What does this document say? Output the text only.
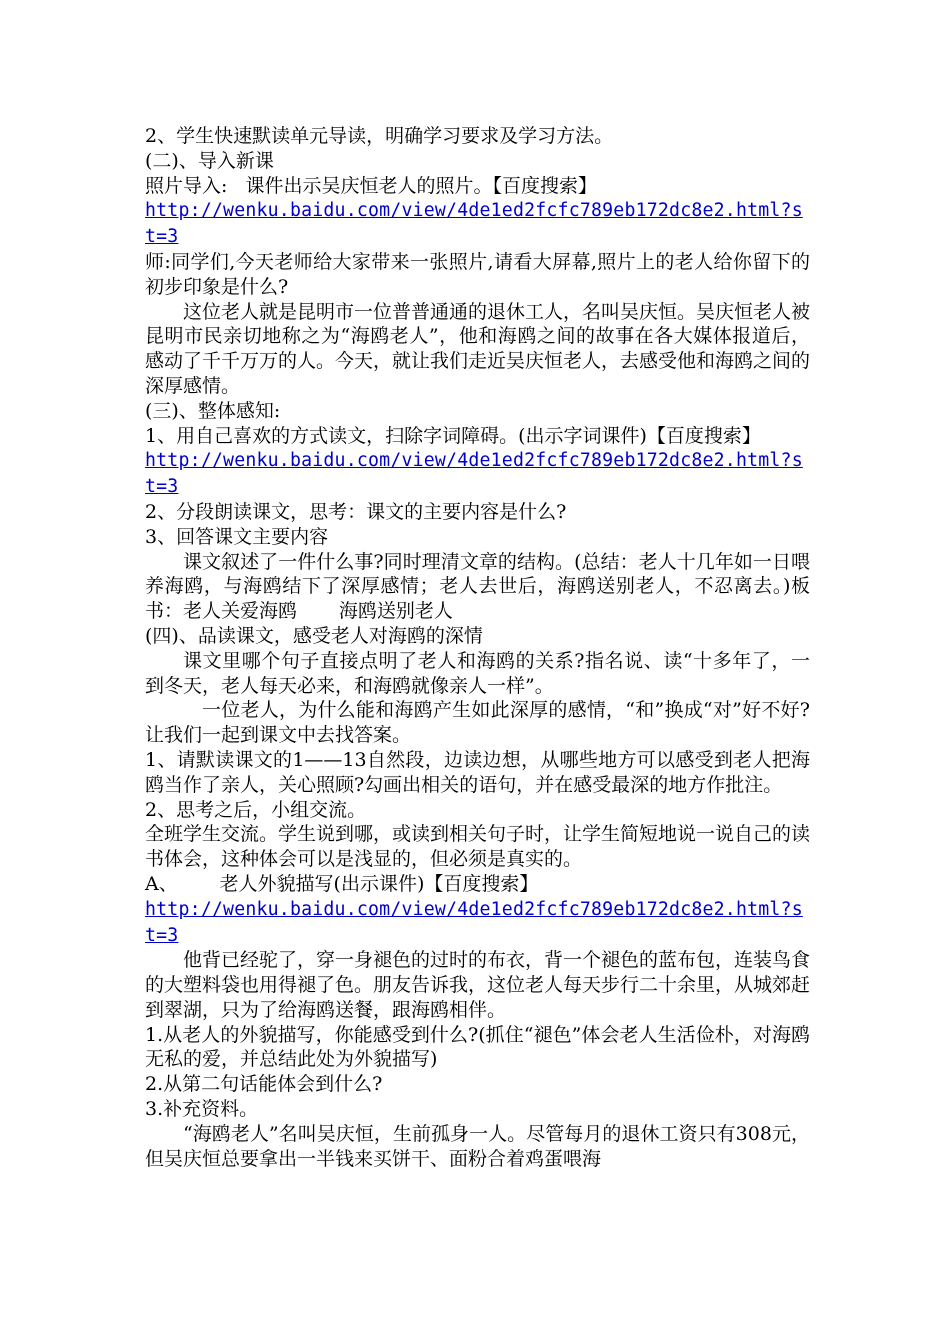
2、学生快速默读单元导读，明确学习要求及学习方法。

(二)、导入新课

照片导入:   课件出示吴庆恒老人的照片。【百度搜索】

http://wenku.baidu.com/view/4de1ed2fcfc789eb172dc8e2.html?st=3

师:同学们,今天老师给大家带来一张照片,请看大屏幕,照片上的老人给你留下的初步印象是什么?

这位老人就是昆明市一位普普通通的退休工人，名叫吴庆恒。吴庆恒老人被昆明市民亲切地称之为“海鸥老人”，他和海鸥之间的故事在各大媒体报道后，感动了千千万万的人。今天，就让我们走近吴庆恒老人，去感受他和海鸥之间的深厚感情。

(三)、整体感知:

1、用自己喜欢的方式读文，扫除字词障碍。(出示字词课件)【百度搜索】

http://wenku.baidu.com/view/4de1ed2fcfc789eb172dc8e2.html?st=3

2、分段朗读课文，思考：课文的主要内容是什么?

3、回答课文主要内容

课文叙述了一件什么事?同时理清文章的结构。(总结：老人十几年如一日喂养海鸥，与海鸥结下了深厚感情；老人去世后，海鸥送别老人，不忍离去。)板书：老人关爱海鸥 海鸥送别老人

(四)、品读课文，感受老人对海鸥的深情

课文里哪个句子直接点明了老人和海鸥的关系?指名说、读“十多年了，一到冬天，老人每天必来，和海鸥就像亲人一样”。

一位老人，为什么能和海鸥产生如此深厚的感情，“和”换成“对”好不好?让我们一起到课文中去找答案。

1、请默读课文的1——13自然段，边读边想，从哪些地方可以感受到老人把海鸥当作了亲人，关心照顾?勾画出相关的语句，并在感受最深的地方作批注。

2、思考之后，小组交流。

全班学生交流。学生说到哪，或读到相关句子时，让学生简短地说一说自己的读书体会，这种体会可以是浅显的，但必须是真实的。

A、 老人外貌描写(出示课件)【百度搜索】

http://wenku.baidu.com/view/4de1ed2fcfc789eb172dc8e2.html?st=3

他背已经驼了，穿一身褪色的过时的布衣，背一个褪色的蓝布包，连装鸟食的大塑料袋也用得褪了色。朋友告诉我，这位老人每天步行二十余里，从城郊赶到翠湖，只为了给海鸥送餐，跟海鸥相伴。

1.从老人的外貌描写，你能感受到什么?(抓住“褪色”体会老人生活俭朴，对海鸥无私的爱，并总结此处为外貌描写)

2.从第二句话能体会到什么?

3.补充资料。

“海鸥老人”名叫吴庆恒，生前孤身一人。尽管每月的退休工资只有308元，但吴庆恒总要拿出一半钱来买饼干、面粉合着鸡蛋喂海
